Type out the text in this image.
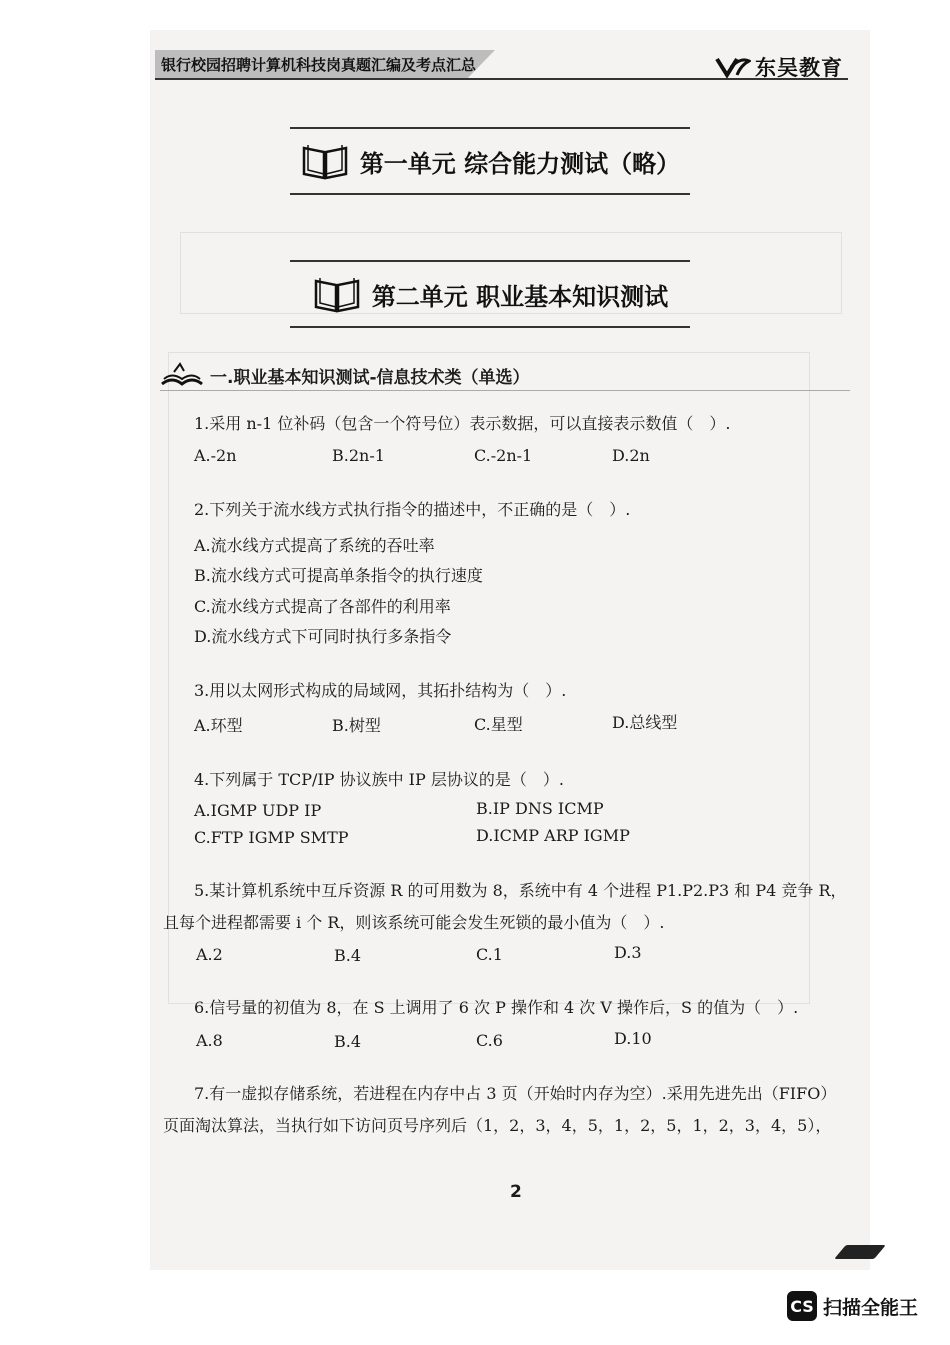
银行校园招聘计算机科技岗真题汇编及考点汇总	东吴教育
第一单元 综合能力测试（略）
第二单元 职业基本知识测试
一.职业基本知识测试-信息技术类（单选）
1.采用 n-1 位补码（包含一个符号位）表示数据，可以直接表示数值（　）.
A.-2n	B.2n-1	C.-2n-1	D.2n
2.下列关于流水线方式执行指令的描述中，不正确的是（　）.
A.流水线方式提高了系统的吞吐率
B.流水线方式可提高单条指令的执行速度
C.流水线方式提高了各部件的利用率
D.流水线方式下可同时执行多条指令
3.用以太网形式构成的局域网，其拓扑结构为（　）.
A.环型	B.树型	C.星型	D.总线型
4.下列属于 TCP/IP 协议族中 IP 层协议的是（　）.
A.IGMP UDP IP	B.IP DNS ICMP
C.FTP IGMP SMTP	D.ICMP ARP IGMP
5.某计算机系统中互斥资源 R 的可用数为 8，系统中有 4 个进程 P1.P2.P3 和 P4 竞争 R，
且每个进程都需要 i 个 R，则该系统可能会发生死锁的最小值为（　）.
A.2	B.4	C.1	D.3
6.信号量的初值为 8，在 S 上调用了 6 次 P 操作和 4 次 V 操作后，S 的值为（　）.
A.8	B.4	C.6	D.10
7.有一虚拟存储系统，若进程在内存中占 3 页（开始时内存为空）.采用先进先出（FIFO）
页面淘汰算法，当执行如下访问页号序列后（1，2，3，4，5，1，2，5，1，2，3，4，5），
2
CS 扫描全能王
